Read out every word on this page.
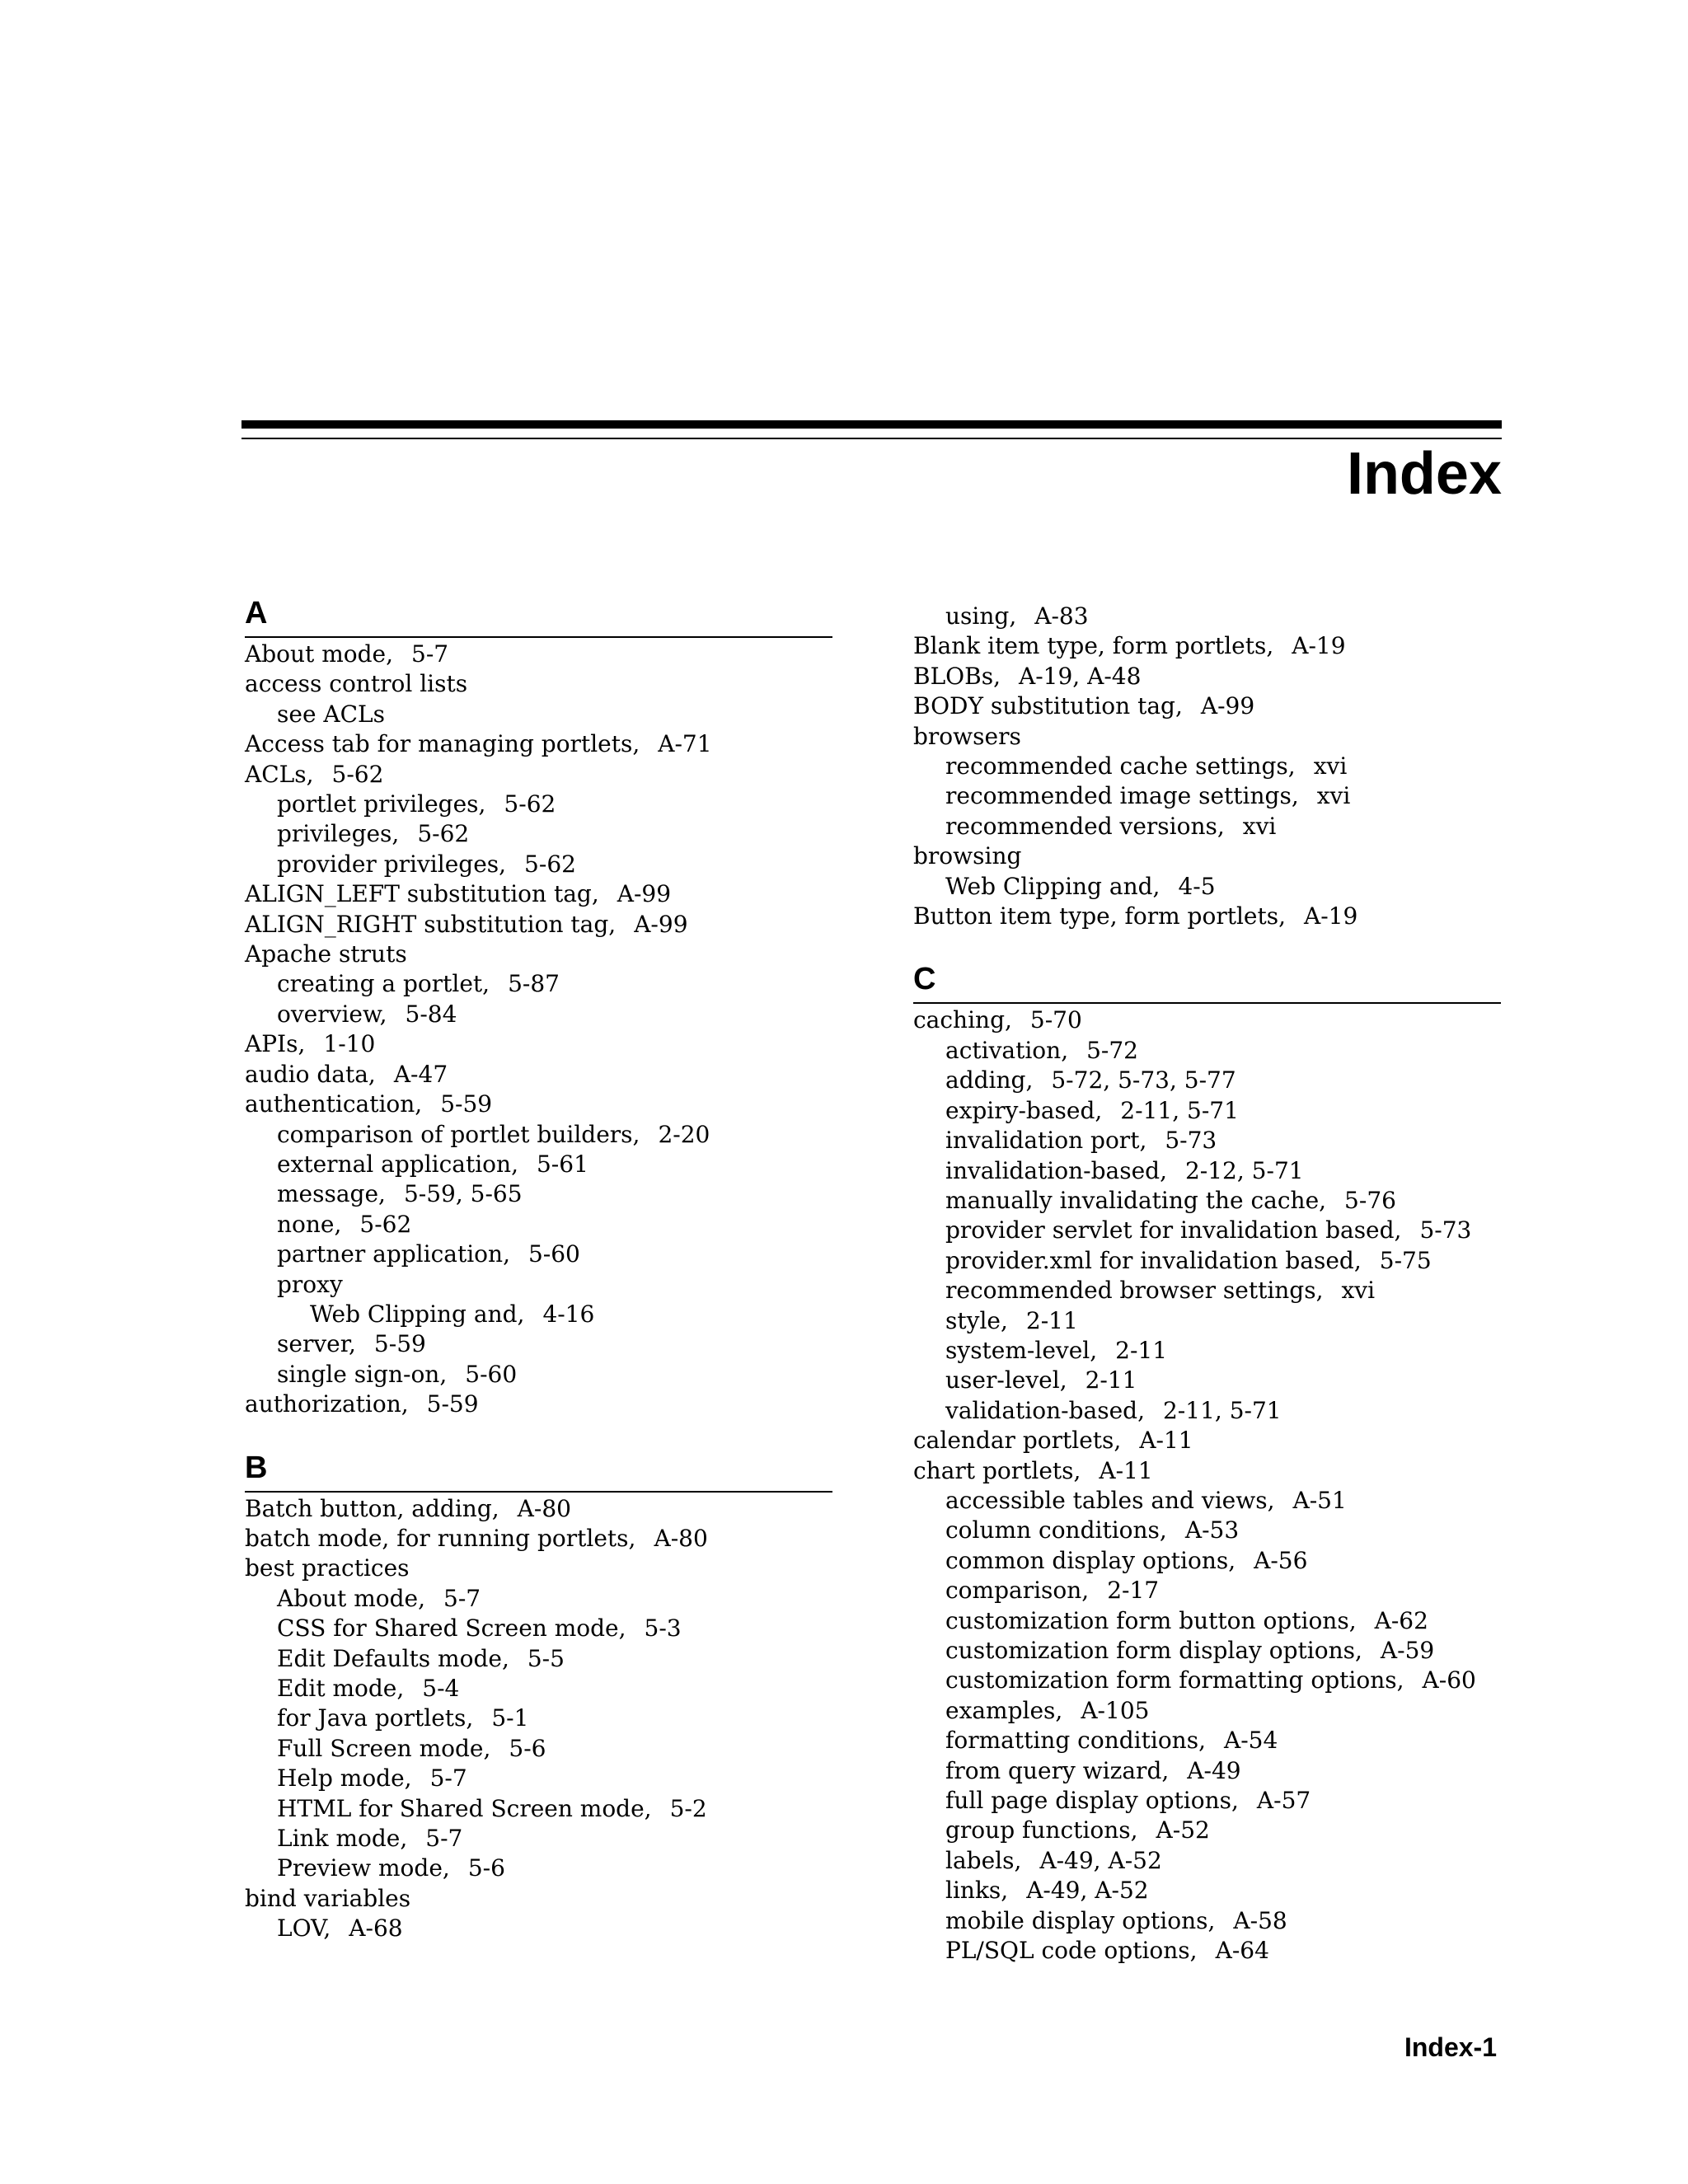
Index
A
About mode, 5-7
access control lists
see ACLs
Access tab for managing portlets, A-71
ACLs, 5-62
portlet privileges, 5-62
privileges, 5-62
provider privileges, 5-62
ALIGN_LEFT substitution tag, A-99
ALIGN_RIGHT substitution tag, A-99
Apache struts
creating a portlet, 5-87
overview, 5-84
APIs, 1-10
audio data, A-47
authentication, 5-59
comparison of portlet builders, 2-20
external application, 5-61
message, 5-59, 5-65
none, 5-62
partner application, 5-60
proxy
Web Clipping and, 4-16
server, 5-59
single sign-on, 5-60
authorization, 5-59
B
Batch button, adding, A-80
batch mode, for running portlets, A-80
best practices
About mode, 5-7
CSS for Shared Screen mode, 5-3
Edit Defaults mode, 5-5
Edit mode, 5-4
for Java portlets, 5-1
Full Screen mode, 5-6
Help mode, 5-7
HTML for Shared Screen mode, 5-2
Link mode, 5-7
Preview mode, 5-6
bind variables
LOV, A-68
using, A-83
Blank item type, form portlets, A-19
BLOBs, A-19, A-48
BODY substitution tag, A-99
browsers
recommended cache settings, xvi
recommended image settings, xvi
recommended versions, xvi
browsing
Web Clipping and, 4-5
Button item type, form portlets, A-19
C
caching, 5-70
activation, 5-72
adding, 5-72, 5-73, 5-77
expiry-based, 2-11, 5-71
invalidation port, 5-73
invalidation-based, 2-12, 5-71
manually invalidating the cache, 5-76
provider servlet for invalidation based, 5-73
provider.xml for invalidation based, 5-75
recommended browser settings, xvi
style, 2-11
system-level, 2-11
user-level, 2-11
validation-based, 2-11, 5-71
calendar portlets, A-11
chart portlets, A-11
accessible tables and views, A-51
column conditions, A-53
common display options, A-56
comparison, 2-17
customization form button options, A-62
customization form display options, A-59
customization form formatting options, A-60
examples, A-105
formatting conditions, A-54
from query wizard, A-49
full page display options, A-57
group functions, A-52
labels, A-49, A-52
links, A-49, A-52
mobile display options, A-58
PL/SQL code options, A-64
Index-1
